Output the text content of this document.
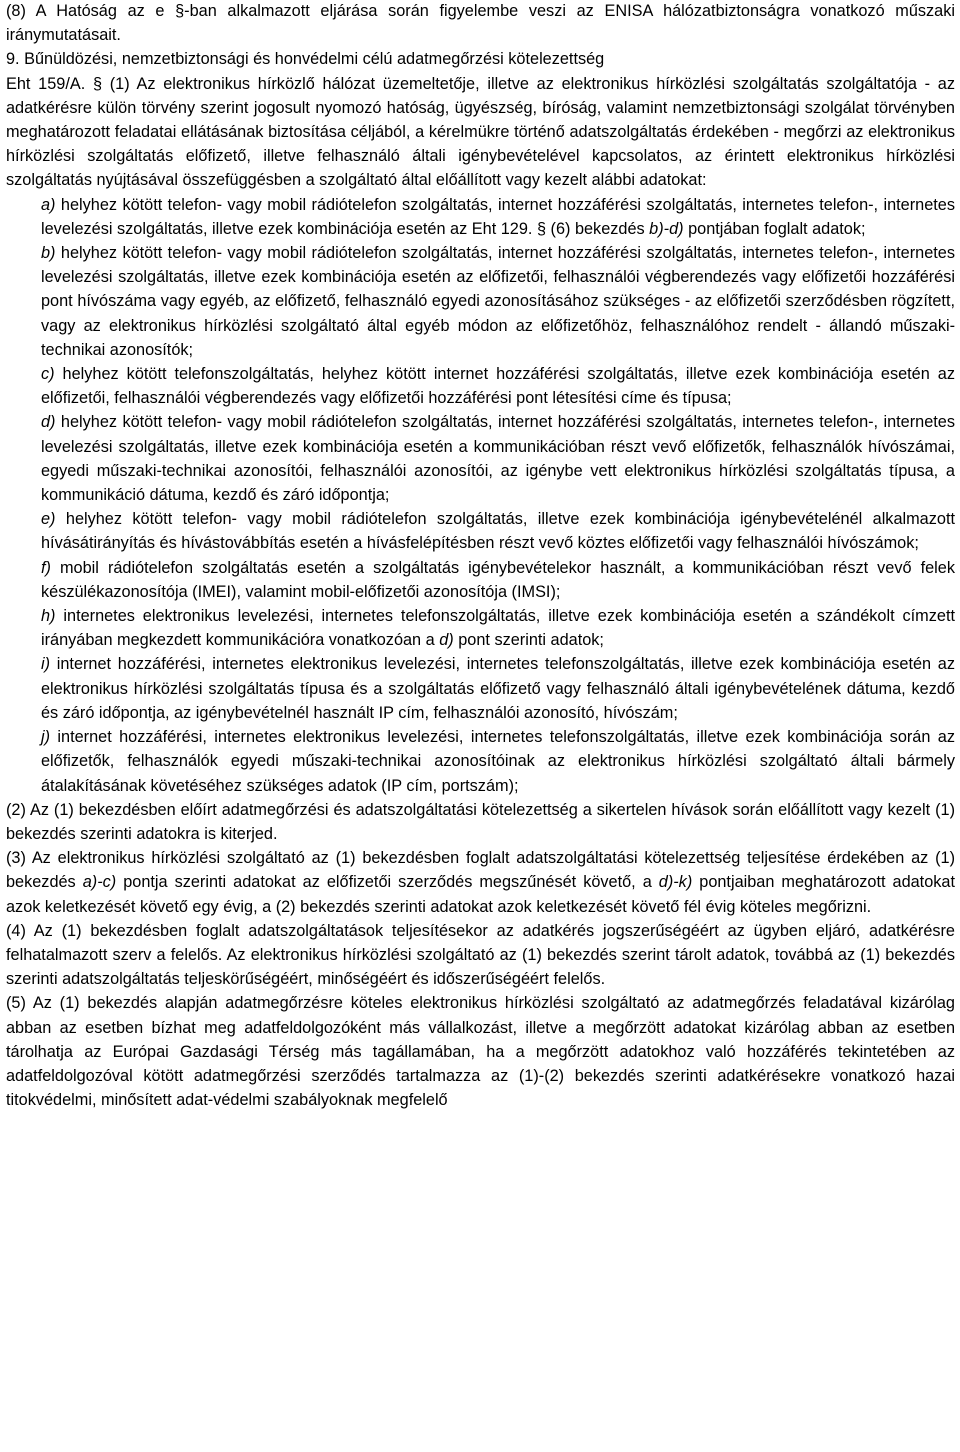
(8) A Hatóság az e §-ban alkalmazott eljárása során figyelembe veszi az ENISA hálózatbiztonságra vonatkozó műszaki iránymutatásait.

9. Bűnüldözési, nemzetbiztonsági és honvédelmi célú adatmegőrzési kötelezettség

Eht 159/A. § (1) Az elektronikus hírközlő hálózat üzemeltetője, illetve az elektronikus hírközlési szolgáltatás szolgáltatója - az adatkérésre külön törvény szerint jogosult nyomozó hatóság, ügyészség, bíróság, valamint nemzetbiztonsági szolgálat törvényben meghatározott feladatai ellátásának biztosítása céljából, a kérelmükre történő adatszolgáltatás érdekében - megőrzi az elektronikus hírközlési szolgáltatás előfizető, illetve felhasználó általi igénybevételével kapcsolatos, az érintett elektronikus hírközlési szolgáltatás nyújtásával összefüggésben a szolgáltató által előállított vagy kezelt alábbi adatokat:

a) helyhez kötött telefon- vagy mobil rádiótelefon szolgáltatás, internet hozzáférési szolgáltatás, internetes telefon-, internetes levelezési szolgáltatás, illetve ezek kombinációja esetén az Eht 129. § (6) bekezdés b)-d) pontjában foglalt adatok;

b) helyhez kötött telefon- vagy mobil rádiótelefon szolgáltatás, internet hozzáférési szolgáltatás, internetes telefon-, internetes levelezési szolgáltatás, illetve ezek kombinációja esetén az előfizetői, felhasználói végberendezés vagy előfizetői hozzáférési pont hívószáma vagy egyéb, az előfizető, felhasználó egyedi azonosításához szükséges - az előfizetői szerződésben rögzített, vagy az elektronikus hírközlési szolgáltató által egyéb módon az előfizetőhöz, felhasználóhoz rendelt - állandó műszaki-technikai azonosítók;

c) helyhez kötött telefonszolgáltatás, helyhez kötött internet hozzáférési szolgáltatás, illetve ezek kombinációja esetén az előfizetői, felhasználói végberendezés vagy előfizetői hozzáférési pont létesítési címe és típusa;

d) helyhez kötött telefon- vagy mobil rádiótelefon szolgáltatás, internet hozzáférési szolgáltatás, internetes telefon-, internetes levelezési szolgáltatás, illetve ezek kombinációja esetén a kommunikációban részt vevő előfizetők, felhasználók hívószámai, egyedi műszaki-technikai azonosítói, felhasználói azonosítói, az igénybe vett elektronikus hírközlési szolgáltatás típusa, a kommunikáció dátuma, kezdő és záró időpontja;

e) helyhez kötött telefon- vagy mobil rádiótelefon szolgáltatás, illetve ezek kombinációja igénybevételénél alkalmazott hívásátirányítás és hívástovábbítás esetén a hívásfelépítésben részt vevő köztes előfizetői vagy felhasználói hívószámok;

f) mobil rádiótelefon szolgáltatás esetén a szolgáltatás igénybevételekor használt, a kommunikációban részt vevő felek készülékazonosítója (IMEI), valamint mobil-előfizetői azonosítója (IMSI);

h) internetes elektronikus levelezési, internetes telefonszolgáltatás, illetve ezek kombinációja esetén a szándékolt címzett irányában megkezdett kommunikációra vonatkozóan a d) pont szerinti adatok;

i) internet hozzáférési, internetes elektronikus levelezési, internetes telefonszolgáltatás, illetve ezek kombinációja esetén az elektronikus hírközlési szolgáltatás típusa és a szolgáltatás előfizető vagy felhasználó általi igénybevételének dátuma, kezdő és záró időpontja, az igénybevételnél használt IP cím, felhasználói azonosító, hívószám;

j) internet hozzáférési, internetes elektronikus levelezési, internetes telefonszolgáltatás, illetve ezek kombinációja során az előfizetők, felhasználók egyedi műszaki-technikai azonosítóinak az elektronikus hírközlési szolgáltató általi bármely átalakításának követéséhez szükséges adatok (IP cím, portszám);

(2) Az (1) bekezdésben előírt adatmegőrzési és adatszolgáltatási kötelezettség a sikertelen hívások során előállított vagy kezelt (1) bekezdés szerinti adatokra is kiterjed.

(3) Az elektronikus hírközlési szolgáltató az (1) bekezdésben foglalt adatszolgáltatási kötelezettség teljesítése érdekében az (1) bekezdés a)-c) pontja szerinti adatokat az előfizetői szerződés megszűnését követő, a d)-k) pontjaiban meghatározott adatokat azok keletkezését követő egy évig, a (2) bekezdés szerinti adatokat azok keletkezését követő fél évig köteles megőrizni.

(4) Az (1) bekezdésben foglalt adatszolgáltatások teljesítésekor az adatkérés jogszerűségéért az ügyben eljáró, adatkérésre felhatalmazott szerv a felelős. Az elektronikus hírközlési szolgáltató az (1) bekezdés szerint tárolt adatok, továbbá az (1) bekezdés szerinti adatszolgáltatás teljeskörűségéért, minőségéért és időszerűségéért felelős.

(5) Az (1) bekezdés alapján adatmegőrzésre köteles elektronikus hírközlési szolgáltató az adatmegőrzés feladatával kizárólag abban az esetben bízhat meg adatfeldolgozóként más vállalkozást, illetve a megőrzött adatokat kizárólag abban az esetben tárolhatja az Európai Gazdasági Térség más tagállamában, ha a megőrzött adatokhoz való hozzáférés tekintetében az adatfeldolgozóval kötött adatmegőrzési szerződés tartalmazza az (1)-(2) bekezdés szerinti adatkérésekre vonatkozó hazai titokvédelmi, minősített adat-védelmi szabályoknak megfelelő
